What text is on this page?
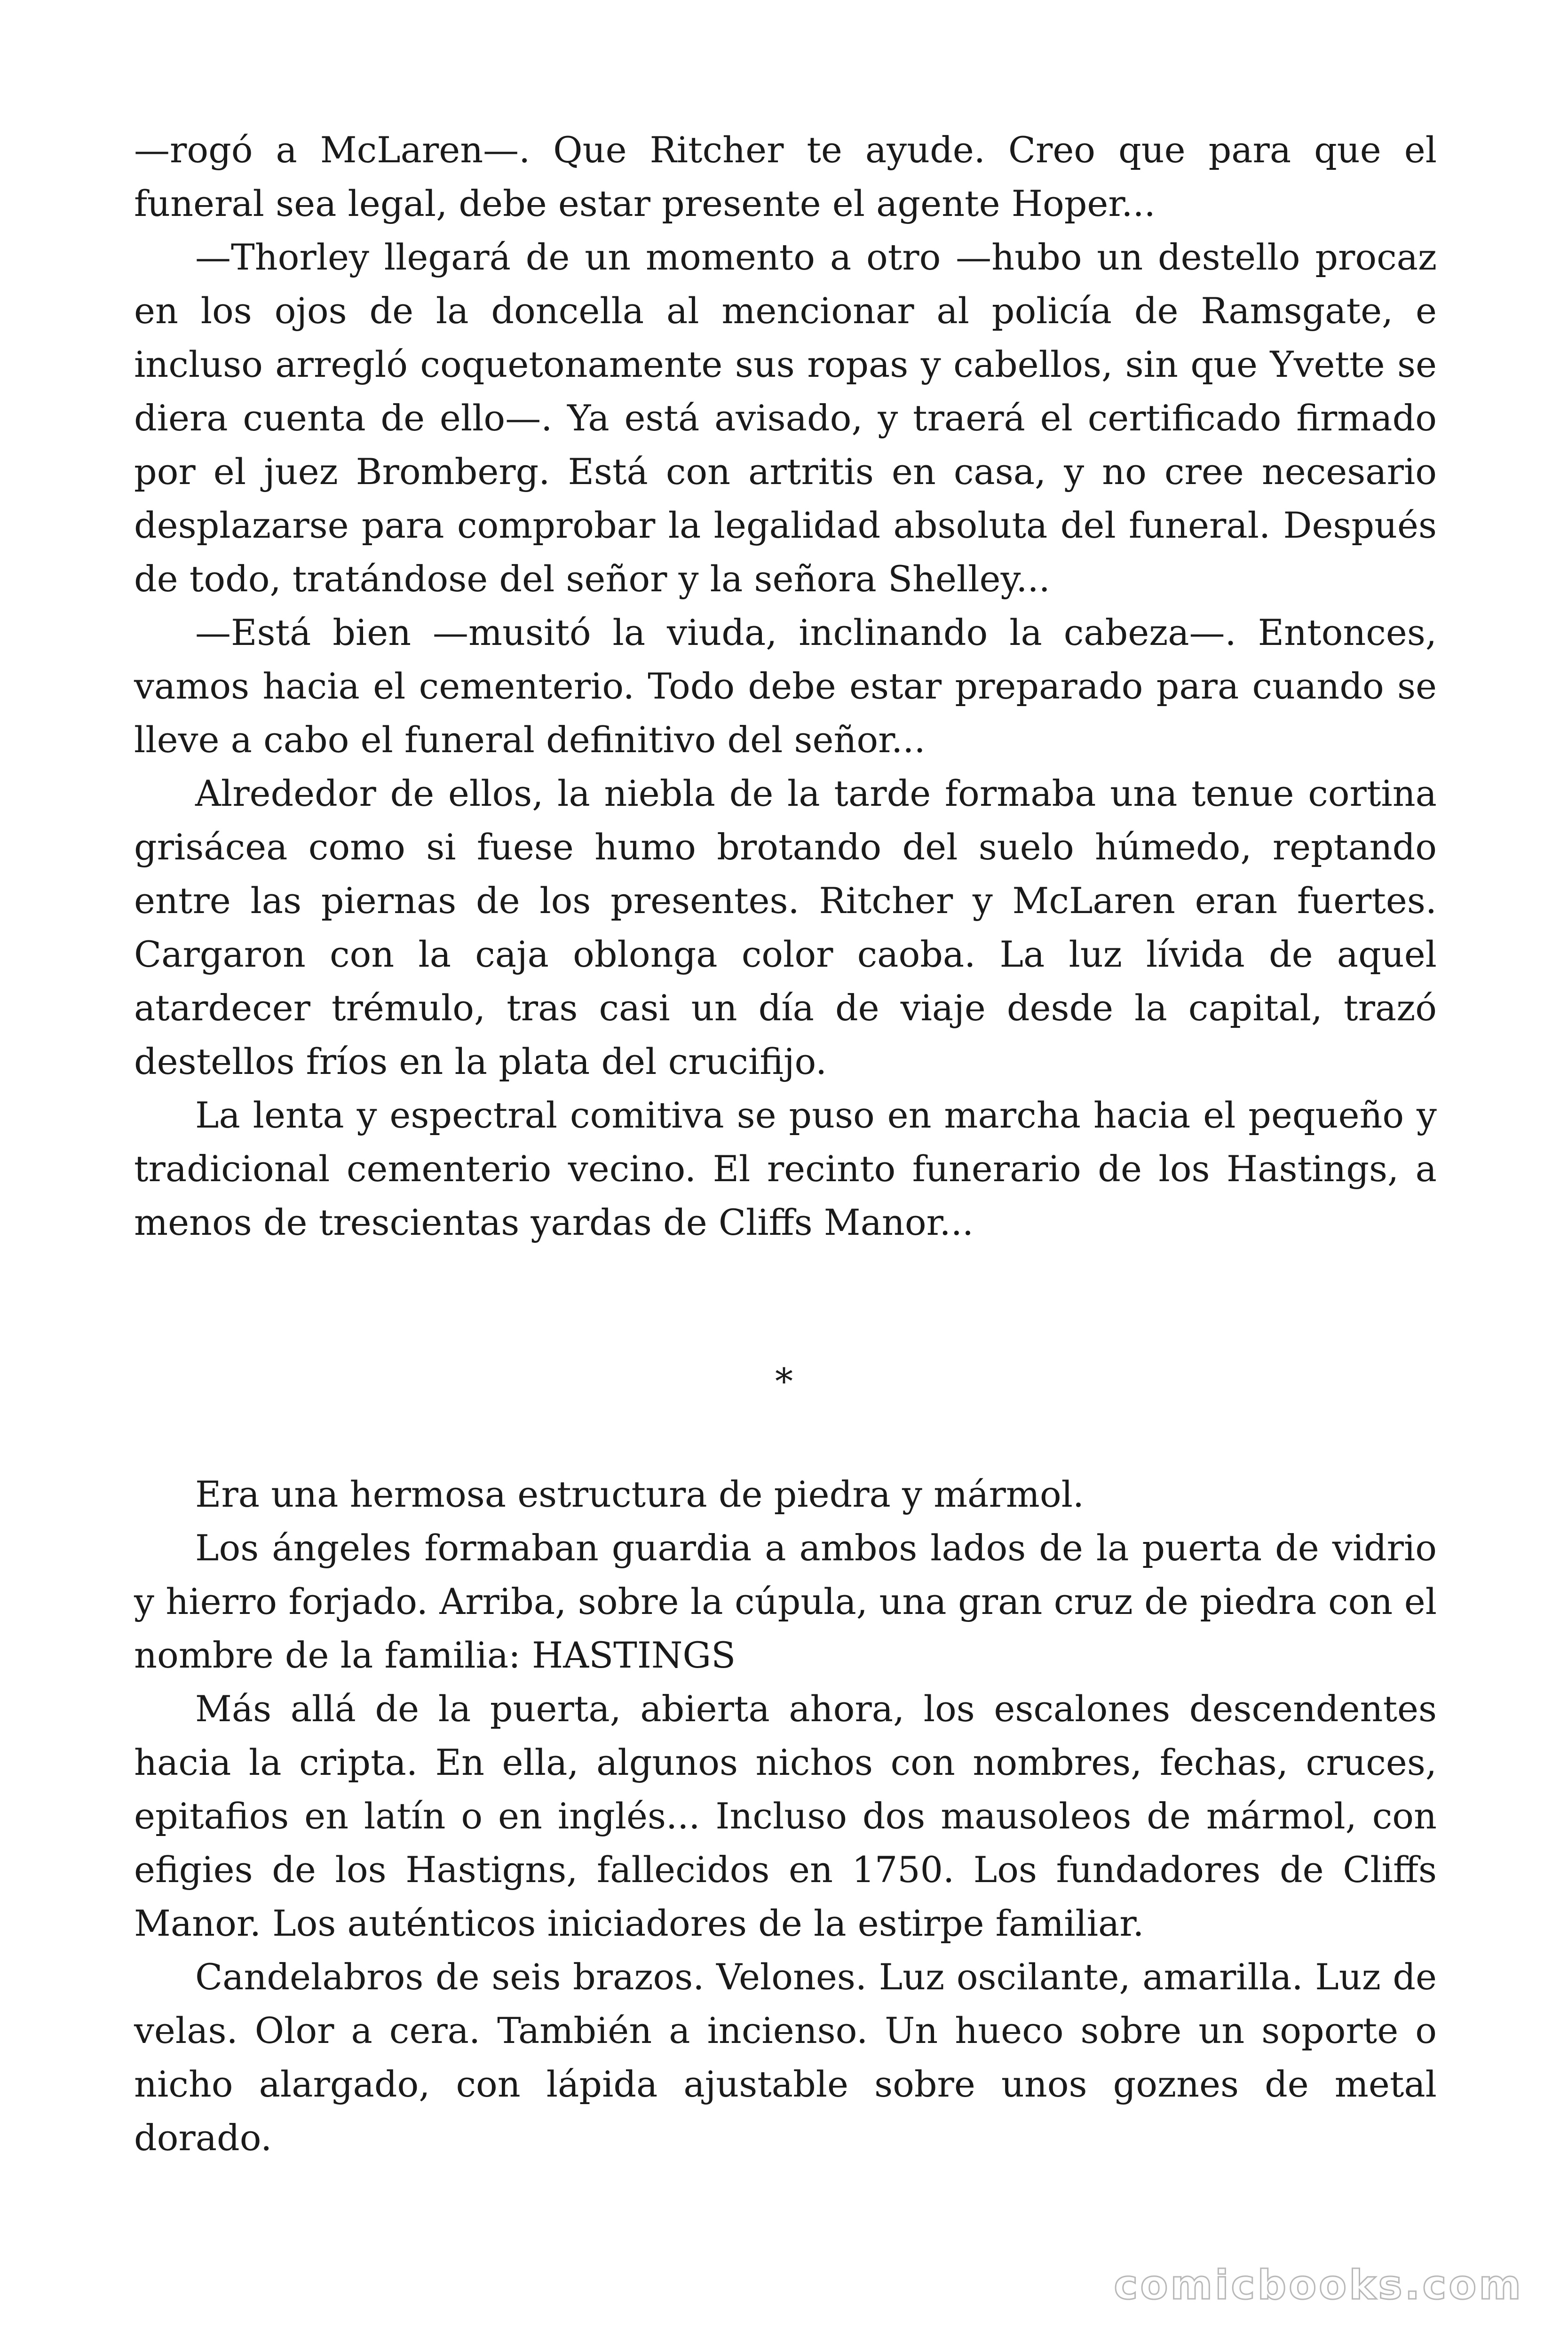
—rogó a McLaren—. Que Ritcher te ayude. Creo que para que el funeral sea legal, debe estar presente el agente Hoper...

—Thorley llegará de un momento a otro —hubo un destello procaz en los ojos de la doncella al mencionar al policía de Ramsgate, e incluso arregló coquetonamente sus ropas y cabellos, sin que Yvette se diera cuenta de ello—. Ya está avisado, y traerá el certificado firmado por el juez Bromberg. Está con artritis en casa, y no cree necesario desplazarse para comprobar la legalidad absoluta del funeral. Después de todo, tratándose del señor y la señora Shelley...

—Está bien —musitó la viuda, inclinando la cabeza—. Entonces, vamos hacia el cementerio. Todo debe estar preparado para cuando se lleve a cabo el funeral definitivo del señor...

Alrededor de ellos, la niebla de la tarde formaba una tenue cortina grisácea como si fuese humo brotando del suelo húmedo, reptando entre las piernas de los presentes. Ritcher y McLaren eran fuertes. Cargaron con la caja oblonga color caoba. La luz lívida de aquel atardecer trémulo, tras casi un día de viaje desde la capital, trazó destellos fríos en la plata del crucifijo.

La lenta y espectral comitiva se puso en marcha hacia el pequeño y tradicional cementerio vecino. El recinto funerario de los Hastings, a menos de trescientas yardas de Cliffs Manor...

*

Era una hermosa estructura de piedra y mármol.

Los ángeles formaban guardia a ambos lados de la puerta de vidrio y hierro forjado. Arriba, sobre la cúpula, una gran cruz de piedra con el nombre de la familia: HASTINGS

Más allá de la puerta, abierta ahora, los escalones descendentes hacia la cripta. En ella, algunos nichos con nombres, fechas, cruces, epitafios en latín o en inglés... Incluso dos mausoleos de mármol, con efigies de los Hastigns, fallecidos en 1750. Los fundadores de Cliffs Manor. Los auténticos iniciadores de la estirpe familiar.

Candelabros de seis brazos. Velones. Luz oscilante, amarilla. Luz de velas. Olor a cera. También a incienso. Un hueco sobre un soporte o nicho alargado, con lápida ajustable sobre unos goznes de metal dorado.

comicbooks.com
